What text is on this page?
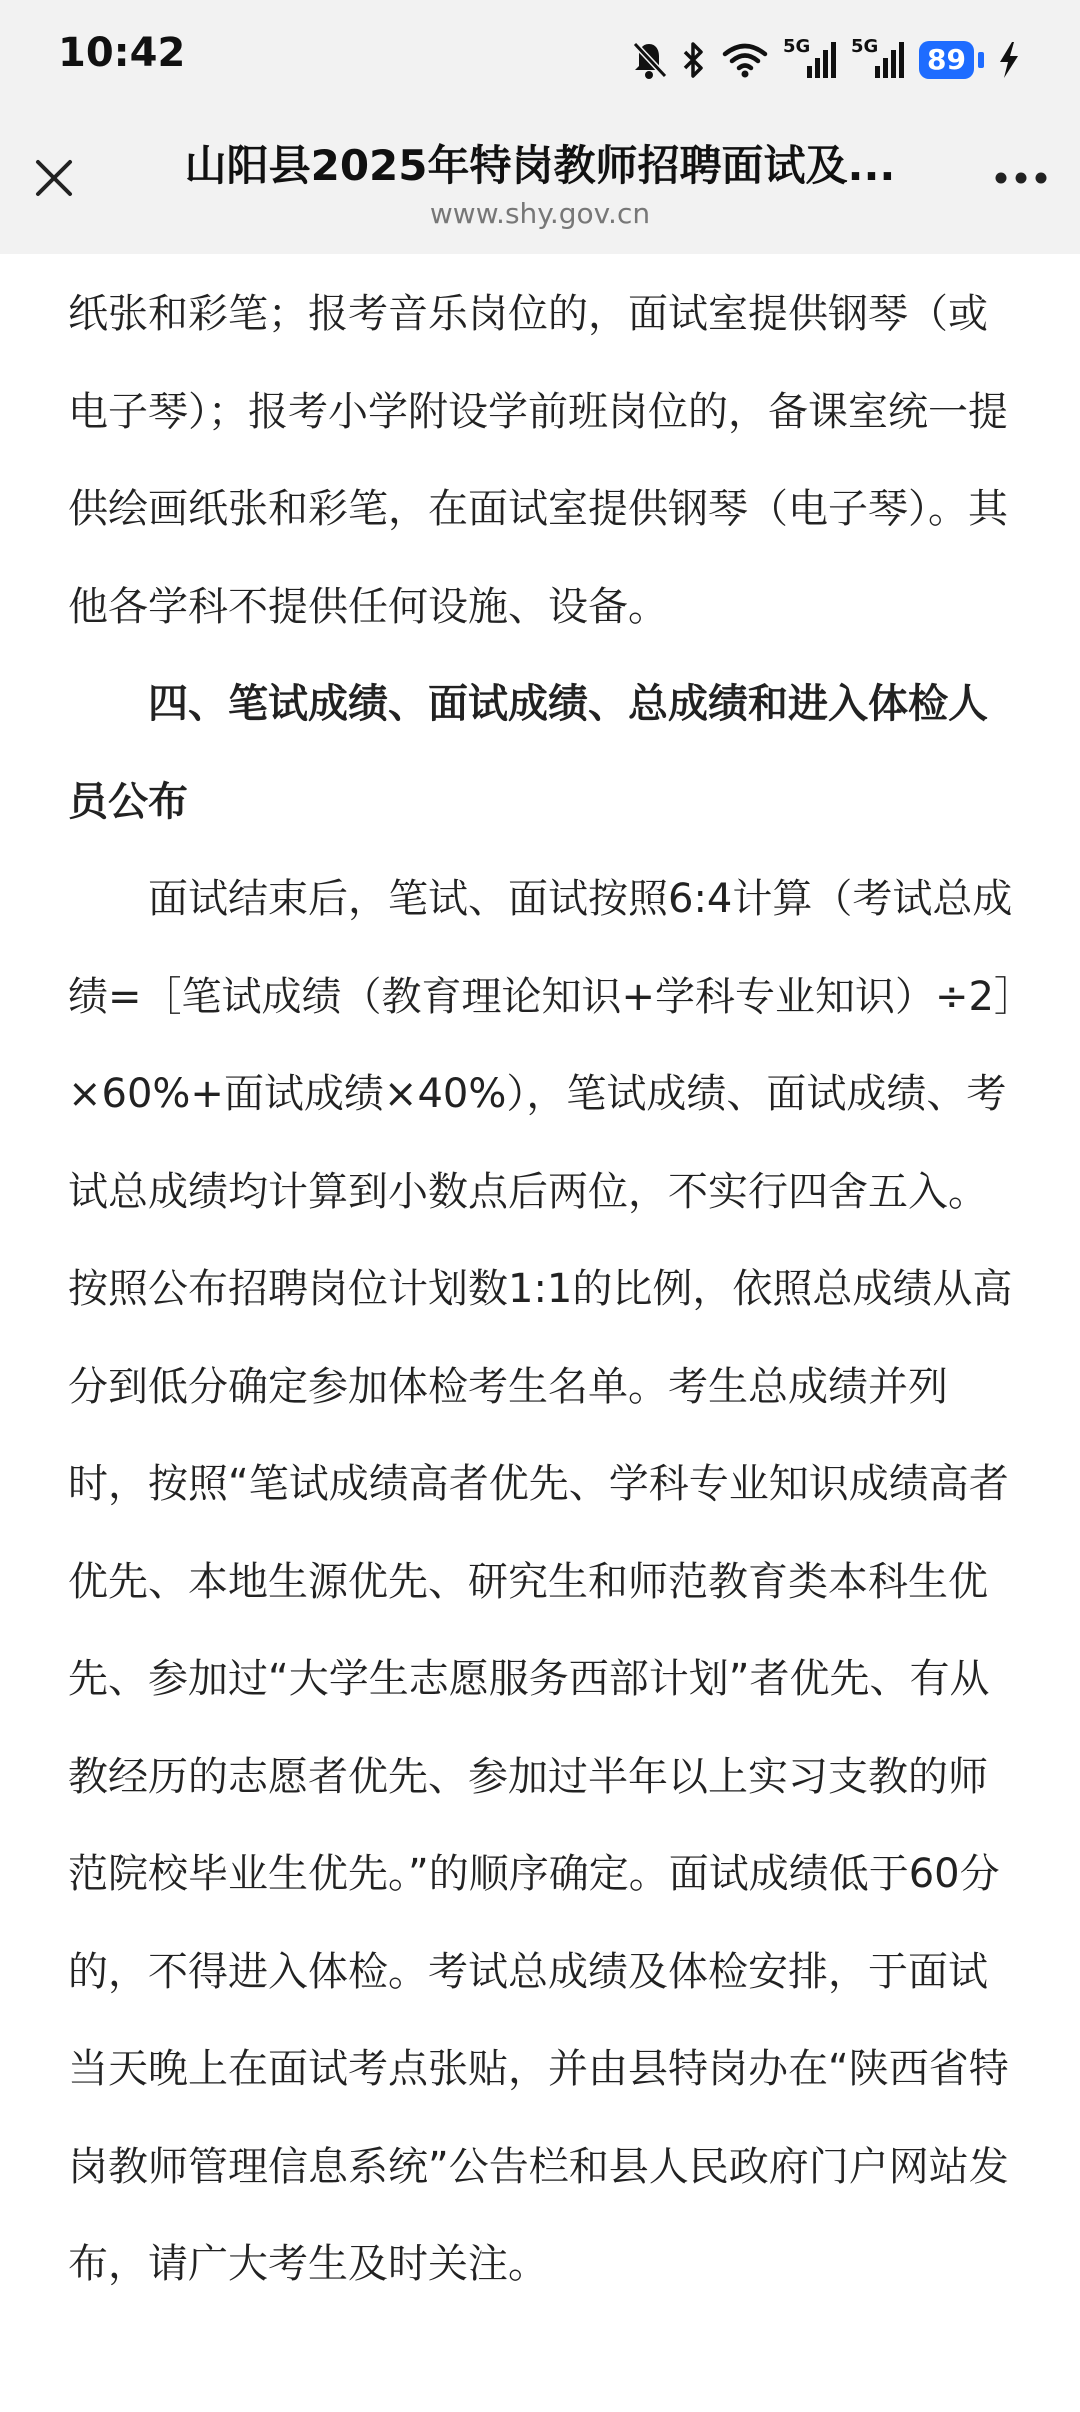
10:42	5G 5G 89
山阳县2025年特岗教师招聘面试及...
www.shy.gov.cn

纸张和彩笔；报考音乐岗位的，面试室提供钢琴（或电子琴）；报考小学附设学前班岗位的，备课室统一提供绘画纸张和彩笔，在面试室提供钢琴（电子琴）。其他各学科不提供任何设施、设备。

四、笔试成绩、面试成绩、总成绩和进入体检人员公布

面试结束后，笔试、面试按照6:4计算（考试总成绩=［笔试成绩（教育理论知识+学科专业知识）÷2］×60%+面试成绩×40%），笔试成绩、面试成绩、考试总成绩均计算到小数点后两位，不实行四舍五入。按照公布招聘岗位计划数1:1的比例，依照总成绩从高分到低分确定参加体检考生名单。考生总成绩并列时，按照“笔试成绩高者优先、学科专业知识成绩高者优先、本地生源优先、研究生和师范教育类本科生优先、参加过“大学生志愿服务西部计划”者优先、有从教经历的志愿者优先、参加过半年以上实习支教的师范院校毕业生优先。”的顺序确定。面试成绩低于60分的，不得进入体检。考试总成绩及体检安排，于面试当天晚上在面试考点张贴，并由县特岗办在“陕西省特岗教师管理信息系统”公告栏和县人民政府门户网站发布，请广大考生及时关注。
